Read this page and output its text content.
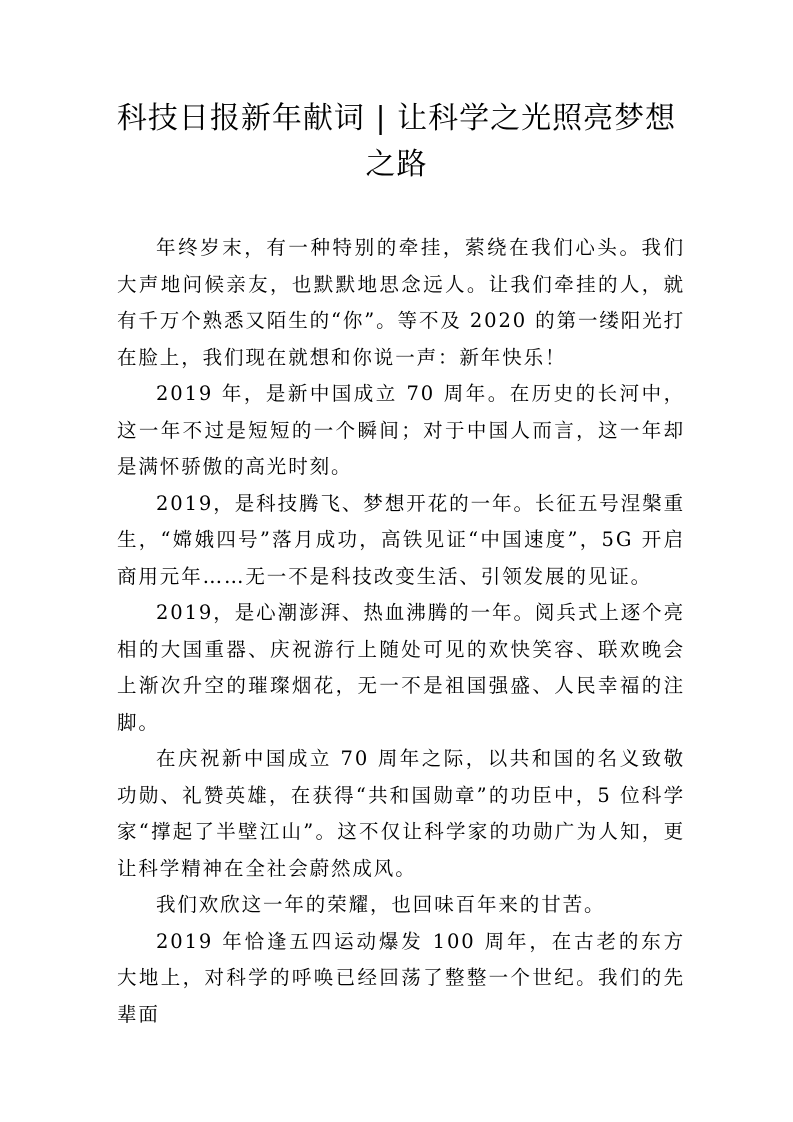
科技日报新年献词 | 让科学之光照亮梦想之路

年终岁末，有一种特别的牵挂，萦绕在我们心头。我们大声地问候亲友，也默默地思念远人。让我们牵挂的人，就有千万个熟悉又陌生的“你”。等不及 2020 的第一缕阳光打在脸上，我们现在就想和你说一声：新年快乐！

2019 年，是新中国成立 70 周年。在历史的长河中，这一年不过是短短的一个瞬间；对于中国人而言，这一年却是满怀骄傲的高光时刻。

2019，是科技腾飞、梦想开花的一年。长征五号涅槃重生，“嫦娥四号”落月成功，高铁见证“中国速度”，5G 开启商用元年……无一不是科技改变生活、引领发展的见证。

2019，是心潮澎湃、热血沸腾的一年。阅兵式上逐个亮相的大国重器、庆祝游行上随处可见的欢快笑容、联欢晚会上渐次升空的璀璨烟花，无一不是祖国强盛、人民幸福的注脚。

在庆祝新中国成立 70 周年之际，以共和国的名义致敬功勋、礼赞英雄，在获得“共和国勋章”的功臣中，5 位科学家“撑起了半壁江山”。这不仅让科学家的功勋广为人知，更让科学精神在全社会蔚然成风。

我们欢欣这一年的荣耀，也回味百年来的甘苦。

2019 年恰逢五四运动爆发 100 周年，在古老的东方大地上，对科学的呼唤已经回荡了整整一个世纪。我们的先辈面
